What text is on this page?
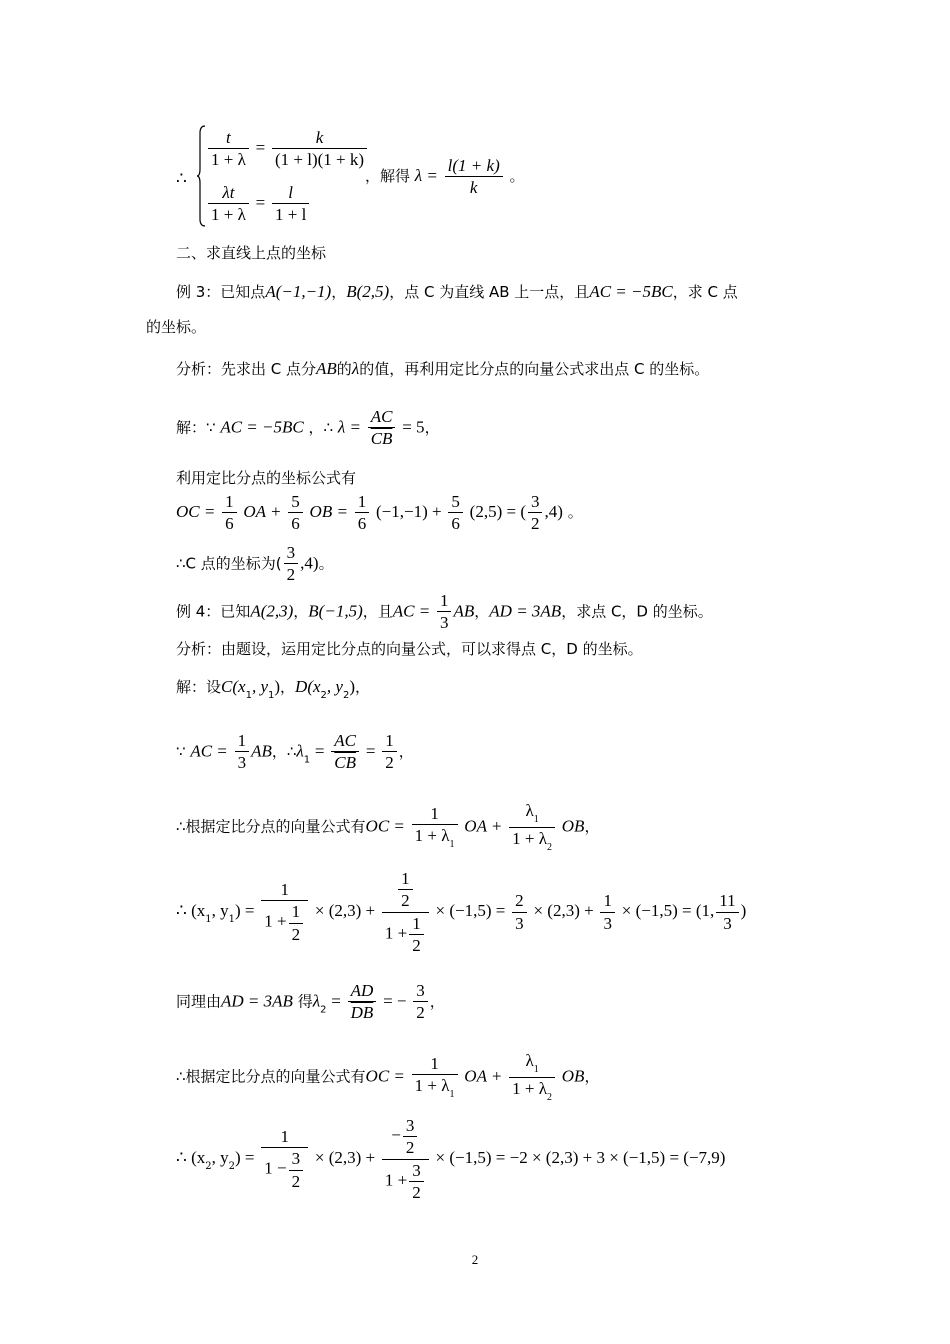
∴
$\frac{t}{1 + \lambda} = \frac{k}{(1 + l)(1 + k)}$
$\frac{\lambda t}{1 + \lambda} = \frac{l}{1 + l}$
，解得 $\lambda = \frac{l(1 + k)}{k}$ 。
二、求直线上点的坐标
例 3：已知点A(−1,−1)，B(2,5)，点 C 为直线 AB 上一点，且AC = −5BC，求 C 点
的坐标。
分析：先求出 C 点分AB的λ的值，再利用定比分点的向量公式求出点 C 的坐标。
解：∵ AC = −5BC ，∴ $\lambda = \frac{AC}{CB} = 5$，
利用定比分点的坐标公式有
OC = $\frac{1}{6}$ OA + $\frac{5}{6}$ OB = $\frac{1}{6} (-1,-1) + \frac{5}{6} (2,5)$ = ( $\frac{3}{2} ,4$) 。
∴C 点的坐标为( $\frac{3}{2} ,4$)。
例 4：已知A(2,3)，B(−1,5)，且AC = $\frac{1}{3}$ AB，AD = 3AB，求点 C，D 的坐标。
分析：由题设，运用定比分点的向量公式，可以求得点 C，D 的坐标。
解：设$C(x_1$, $y_1$)，$D(x_2$, $y_2$)，
∵ AC = $\frac{1}{3}$ AB，$\therefore\lambda_1 = \frac{AC}{CB} = \frac{1}{2}$ ，
∴根据定比分点的向量公式有OC = $\frac{1}{1 + \lambda_1}$ OA + $\frac{\lambda_1}{1 + \lambda_2}$ OB，
∴ ($x_1$, $y_1) = \frac{1}{1 + \frac{1}{2}} \times (2,3) + \frac{\frac{1}{2}}{1 + \frac{1}{2}} \times (-1,5) = \frac{2}{3} \times (2,3) + \frac{1}{3} \times (-1,5) = (1$, $\frac{11}{3}$ )
同理由AD = 3AB 得$\lambda_2 = \frac{AD}{DB}$ = − $\frac{3}{2}$ ，
∴根据定比分点的向量公式有OC = $\frac{1}{1 + \lambda_1}$ OA + $\frac{\lambda_1}{1 + \lambda_2}$ OB，
∴ ($x_2$, $y_2) = \frac{1}{1 - \frac{3}{2}} \times (2,3) + \frac{- \frac{3}{2}}{1 + \frac{3}{2}} \times (-1,5) = -2 \times (2,3) + 3 \times (-1,5) = (-7,9)$
2
